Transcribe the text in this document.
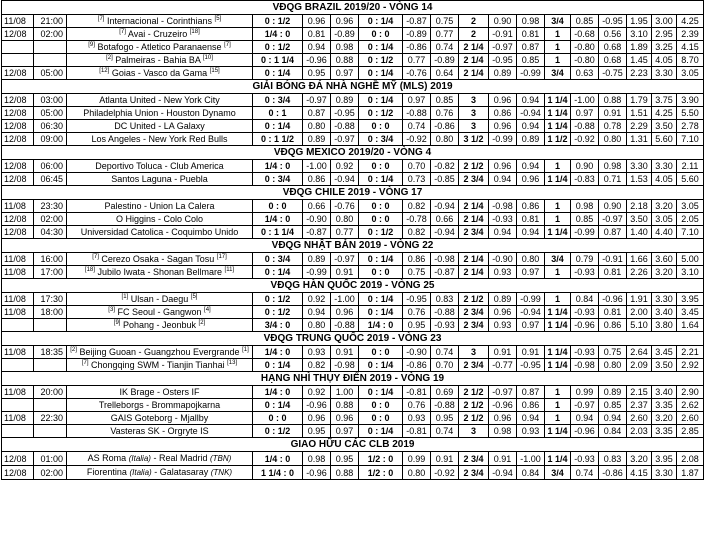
VĐQG BRAZIL 2019/20 - VÒNG 14																	
11/08	21:00	[7] Internacional - Corinthians [5]	0 : 1/2	0.96	0.96	0 : 1/4	-0.87	0.75	2	0.90	0.98	3/4	0.85	-0.95	1.95	3.00	4.25
12/08	02:00	[7] Avai - Cruzeiro [18]	1/4 : 0	0.81	-0.89	0 : 0	-0.89	0.77	2	-0.91	0.81	1	-0.68	0.56	3.10	2.95	2.39
		[9] Botafogo - Atletico Paranaense [7]	0 : 1/2	0.94	0.98	0 : 1/4	-0.86	0.74	2 1/4	-0.97	0.87	1	-0.80	0.68	1.89	3.25	4.15
		[2] Palmeiras - Bahia BA [10]	0 : 1 1/4	-0.96	0.88	0 : 1/2	0.77	-0.89	2 1/4	-0.95	0.85	1	-0.80	0.68	1.45	4.05	8.70
12/08	05:00	[12] Goias - Vasco da Gama [15]	0 : 1/4	0.95	0.97	0 : 1/4	-0.76	0.64	2 1/4	0.89	-0.99	3/4	0.63	-0.75	2.23	3.30	3.05
GIẢI BÓNG ĐÁ NHÀ NGHỀ MỸ (MLS) 2019																	
12/08	03:00	Atlanta United - New York City	0 : 3/4	-0.97	0.89	0 : 1/4	0.97	0.85	3	0.96	0.94	1 1/4	-1.00	0.88	1.79	3.75	3.90
12/08	05:00	Philadelphia Union - Houston Dynamo	0 : 1	0.87	-0.95	0 : 1/2	-0.88	0.76	3	0.86	-0.94	1 1/4	0.97	0.91	1.51	4.25	5.50
12/08	06:30	DC United - LA Galaxy	0 : 1/4	0.80	-0.88	0 : 0	0.74	-0.86	3	0.96	0.94	1 1/4	-0.88	0.78	2.29	3.50	2.78
12/08	09:00	Los Angeles - New York Red Bulls	0 : 1 1/2	0.89	-0.97	0 : 3/4	-0.92	0.80	3 1/2	-0.99	0.89	1 1/2	-0.92	0.80	1.31	5.60	7.10
VĐQG MEXICO 2019/20 - VÒNG 4																	
12/08	06:00	Deportivo Toluca - Club America	1/4 : 0	-1.00	0.92	0 : 0	0.70	-0.82	2 1/2	0.96	0.94	1	0.90	0.98	3.30	3.30	2.11
12/08	06:45	Santos Laguna - Puebla	0 : 3/4	0.86	-0.94	0 : 1/4	0.73	-0.85	2 3/4	0.94	0.96	1 1/4	-0.83	0.71	1.53	4.05	5.60
VĐQG CHILE 2019 - VÒNG 17																	
11/08	23:30	Palestino - Union La Calera	0 : 0	0.66	-0.76	0 : 0	0.82	-0.94	2 1/4	-0.98	0.86	1	0.98	0.90	2.18	3.20	3.05
12/08	02:00	O Higgins - Colo Colo	1/4 : 0	-0.90	0.80	0 : 0	-0.78	0.66	2 1/4	-0.93	0.81	1	0.85	-0.97	3.50	3.05	2.05
12/08	04:30	Universidad Catolica - Coquimbo Unido	0 : 1 1/4	-0.87	0.77	0 : 1/2	0.82	-0.94	2 3/4	0.94	0.94	1 1/4	-0.99	0.87	1.40	4.40	7.10
VĐQG NHẬT BẢN 2019 - VÒNG 22																	
11/08	16:00	[7] Cerezo Osaka - Sagan Tosu [17]	0 : 3/4	0.89	-0.97	0 : 1/4	0.86	-0.98	2 1/4	-0.90	0.80	3/4	0.79	-0.91	1.66	3.60	5.00
11/08	17:00	[18] Jubilo Iwata - Shonan Bellmare [11]	0 : 1/4	-0.99	0.91	0 : 0	0.75	-0.87	2 1/4	0.93	0.97	1	-0.93	0.81	2.26	3.20	3.10
VĐQG HÀN QUỐC 2019 - VÒNG 25																	
11/08	17:30	[1] Ulsan - Daegu [5]	0 : 1/2	0.92	-1.00	0 : 1/4	-0.95	0.83	2 1/2	0.89	-0.99	1	0.84	-0.96	1.91	3.30	3.95
11/08	18:00	[3] FC Seoul - Gangwon [4]	0 : 1/2	0.94	0.96	0 : 1/4	0.76	-0.88	2 3/4	0.96	-0.94	1 1/4	-0.93	0.81	2.00	3.40	3.45
		[9] Pohang - Jeonbuk [2]	3/4 : 0	0.80	-0.88	1/4 : 0	0.95	-0.93	2 3/4	0.93	0.97	1 1/4	-0.96	0.86	5.10	3.80	1.64
VĐQG TRUNG QUỐC 2019 - VÒNG 23																	
11/08	18:35	[2] Beijing Guoan - Guangzhou Evergrande [1]	1/4 : 0	0.93	0.91	0 : 0	-0.90	0.74	3	0.91	0.91	1 1/4	-0.93	0.75	2.64	3.45	2.21
		[7] Chongqing SWM - Tianjin Tianhai [13]	0 : 1/4	0.82	-0.98	0 : 1/4	-0.86	0.70	2 3/4	-0.77	-0.95	1 1/4	-0.98	0.80	2.09	3.50	2.92
HẠNG NHÌ THỤY ĐIỂN 2019 - VÒNG 19																	
11/08	20:00	IK Brage - Osters IF	1/4 : 0	0.92	1.00	0 : 1/4	-0.81	0.69	2 1/2	-0.97	0.87	1	0.99	0.89	2.15	3.40	2.90
		Trelleborgs - Brommapojkarna	0 : 1/4	-0.96	0.88	0 : 0	0.76	-0.88	2 1/2	-0.96	0.86	1	-0.97	0.85	2.37	3.35	2.62
11/08	22:30	GAIS Goteborg - Mjallby	0 : 0	0.96	0.96	0 : 0	0.93	0.95	2 1/2	0.96	0.94	1	0.94	0.94	2.60	3.20	2.60
		Vasteras SK - Orgryte IS	0 : 1/2	0.95	0.97	0 : 1/4	-0.81	0.74	3	0.98	0.93	1 1/4	-0.96	0.84	2.03	3.35	2.85
GIAO HỮU CÁC CLB 2019																	
12/08	01:00	AS Roma (Italia) - Real Madrid (TBN)	1/4 : 0	0.98	0.95	1/2 : 0	0.99	0.91	2 3/4	0.91	-1.00	1 1/4	-0.93	0.83	3.20	3.95	2.08
12/08	02:00	Fiorentina (Italia) - Galatasaray (TNK)	1 1/4 : 0	-0.96	0.88	1/2 : 0	0.80	-0.92	2 3/4	-0.94	0.84	3/4	0.74	-0.86	4.15	3.30	1.87
